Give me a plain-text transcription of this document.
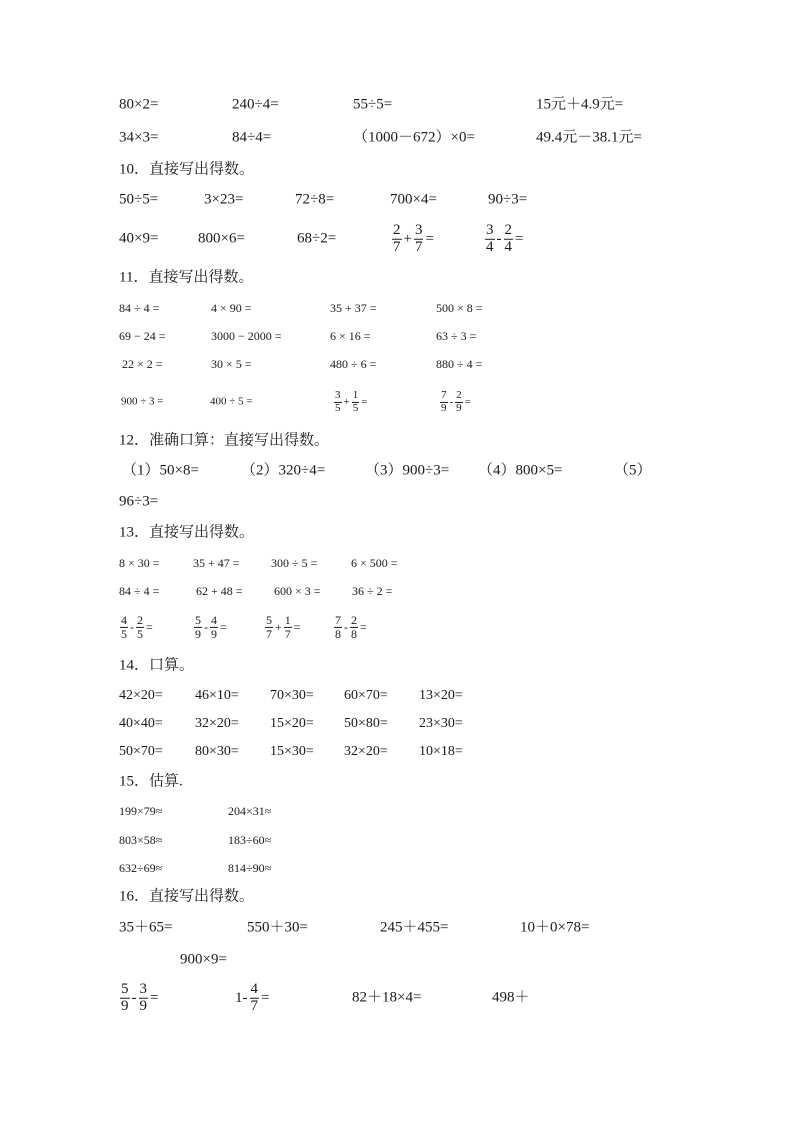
80×2=	240÷4=	55÷5=	15元＋4.9元=
34×3=	84÷4=	（1000－672）×0=	49.4元－38.1元=
10．直接写出得数。
50÷5=	3×23=	72÷8=	700×4=	90÷3=
40×9=	800×6=	68÷2=	$\frac{2}{7} + \frac{3}{7}$ =	$\frac{3}{4} - \frac{2}{4}$ =
11．直接写出得数。
84 ÷ 4 =	4 × 90 =	35 + 37 =	500 × 8 =
69 − 24 =	3000 − 2000 =	6 × 16 =	63 ÷ 3 =
22 × 2 =	30 × 5 =	480 ÷ 6 =	880 ÷ 4 =
900 ÷ 3 =	400 ÷ 5 =	$\frac{3}{5} + \frac{1}{5}$ =	$\frac{7}{9} - \frac{2}{9}$ =
12．准确口算：直接写出得数。
（1）50×8=	（2）320÷4=	（3）900÷3= （4）800×5=	（5）
96÷3=
13．直接写出得数。
8 × 30 =	35 + 47 =	300 ÷ 5 =	6 × 500 =
84 ÷ 4 =	62 + 48 =	600 × 3 =	36 ÷ 2 =
$\frac{4}{5} - \frac{2}{5}$ =	$\frac{5}{9} - \frac{4}{9}$ =	$\frac{5}{7} + \frac{1}{7}$ =	$\frac{7}{8} - \frac{2}{8}$ =
14．口算。
42×20= 46×10= 70×30= 60×70= 13×20=
40×40= 32×20= 15×20= 50×80= 23×30=
50×70= 80×30= 15×30= 32×20= 10×18=
15．估算.
199×79≈	204×31≈
803×58≈	183÷60≈
632÷69≈	814÷90≈
16．直接写出得数。
35＋65=	550＋30=	245＋455=	10＋0×78=
900×9=
$\frac{5}{9} - \frac{3}{9}$ =	$1- \frac{4}{7}$ =	82＋18×4=	498＋
